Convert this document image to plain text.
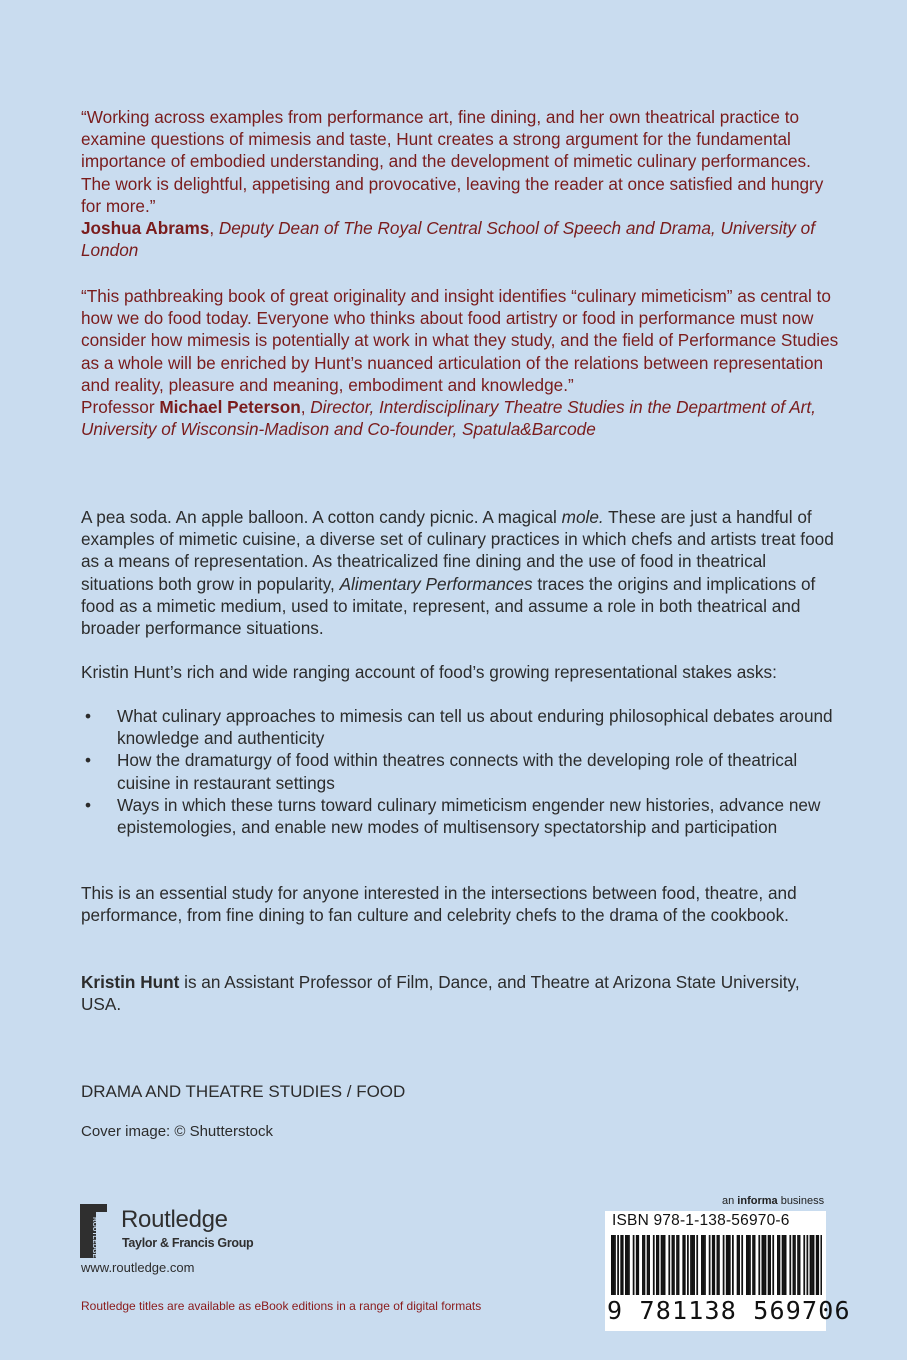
“Working across examples from performance art, fine dining, and her own theatrical practice to examine questions of mimesis and taste, Hunt creates a strong argument for the fundamental importance of embodied understanding, and the development of mimetic culinary performances. The work is delightful, appetising and provocative, leaving the reader at once satisfied and hungry for more.”
Joshua Abrams, Deputy Dean of The Royal Central School of Speech and Drama, University of London
“This pathbreaking book of great originality and insight identifies “culinary mimeticism” as central to how we do food today. Everyone who thinks about food artistry or food in performance must now consider how mimesis is potentially at work in what they study, and the field of Performance Studies as a whole will be enriched by Hunt’s nuanced articulation of the relations between representation and reality, pleasure and meaning, embodiment and knowledge.”
Professor Michael Peterson, Director, Interdisciplinary Theatre Studies in the Department of Art, University of Wisconsin-Madison and Co-founder, Spatula&Barcode
A pea soda. An apple balloon. A cotton candy picnic. A magical mole. These are just a handful of examples of mimetic cuisine, a diverse set of culinary practices in which chefs and artists treat food as a means of representation. As theatricalized fine dining and the use of food in theatrical situations both grow in popularity, Alimentary Performances traces the origins and implications of food as a mimetic medium, used to imitate, represent, and assume a role in both theatrical and broader performance situations.
Kristin Hunt’s rich and wide ranging account of food’s growing representational stakes asks:
• What culinary approaches to mimesis can tell us about enduring philosophical debates around knowledge and authenticity
• How the dramaturgy of food within theatres connects with the developing role of theatrical cuisine in restaurant settings
• Ways in which these turns toward culinary mimeticism engender new histories, advance new epistemologies, and enable new modes of multisensory spectatorship and participation
This is an essential study for anyone interested in the intersections between food, theatre, and performance, from fine dining to fan culture and celebrity chefs to the drama of the cookbook.
Kristin Hunt is an Assistant Professor of Film, Dance, and Theatre at Arizona State University, USA.
DRAMA AND THEATRE STUDIES / FOOD
Cover image: © Shutterstock
ROUTLEDGE Routledge
Taylor & Francis Group
www.routledge.com
Routledge titles are available as eBook editions in a range of digital formats
an informa business
ISBN 978-1-138-56970-6
9 781138 569706
